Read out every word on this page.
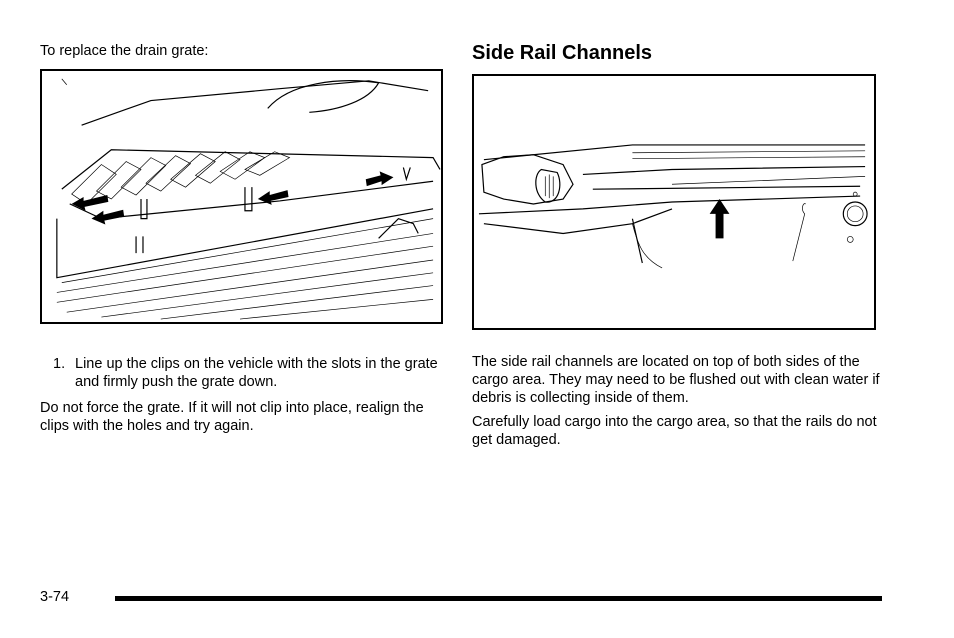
To replace the drain grate:
1. Line up the clips on the vehicle with the slots in the grate and firmly push the grate down.
Do not force the grate. If it will not clip into place, realign the clips with the holes and try again.
Side Rail Channels
The side rail channels are located on top of both sides of the cargo area. They may need to be flushed out with clean water if debris is collecting inside of them.
Carefully load cargo into the cargo area, so that the rails do not get damaged.
3-74
